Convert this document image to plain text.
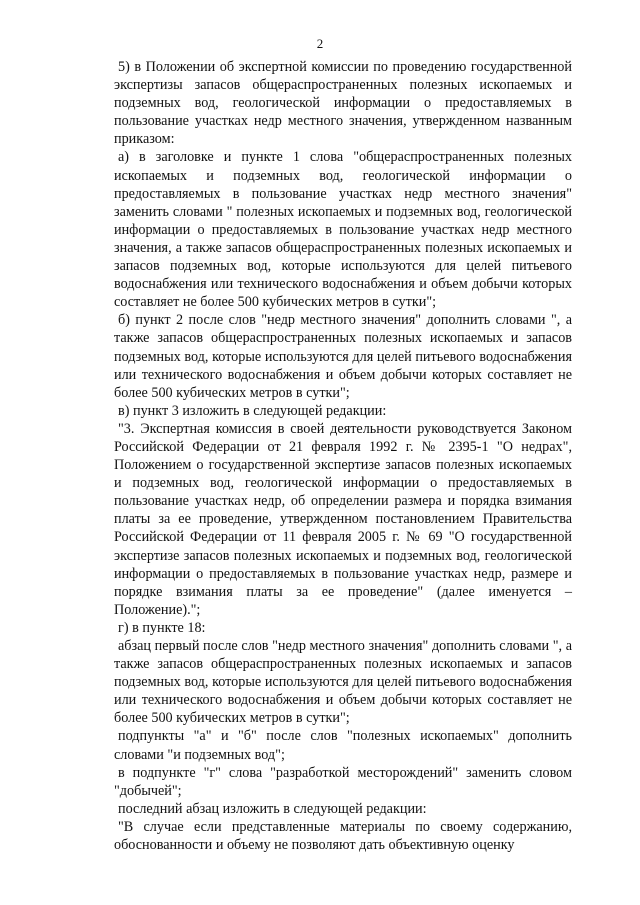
2

5) в Положении об экспертной комиссии по проведению государственной экспертизы запасов общераспространенных полезных ископаемых и подземных вод, геологической информации о предоставляемых в пользование участках недр местного значения, утвержденном названным приказом:

а) в заголовке и пункте 1 слова "общераспространенных полезных ископаемых и подземных вод, геологической информации о предоставляемых в пользование участках недр местного значения" заменить словами " полезных ископаемых и подземных вод, геологической информации о предоставляемых в пользование участках недр местного значения, а также запасов общераспространенных полезных ископаемых и запасов подземных вод, которые используются для целей питьевого водоснабжения или технического водоснабжения и объем добычи которых составляет не более 500 кубических метров в сутки";

б) пункт 2 после слов "недр местного значения" дополнить словами ", а также запасов общераспространенных полезных ископаемых и запасов подземных вод, которые используются для целей питьевого водоснабжения или технического водоснабжения и объем добычи которых составляет не более 500 кубических метров в сутки";

в) пункт 3 изложить в следующей редакции:

"3. Экспертная комиссия в своей деятельности руководствуется Законом Российской Федерации от 21 февраля 1992 г. № 2395-1 "О недрах", Положением о государственной экспертизе запасов полезных ископаемых и подземных вод, геологической информации о предоставляемых в пользование участках недр, об определении размера и порядка взимания платы за ее проведение, утвержденном постановлением Правительства Российской Федерации от 11 февраля 2005 г. № 69 "О государственной экспертизе запасов полезных ископаемых и подземных вод, геологической информации о предоставляемых в пользование участках недр, размере и порядке взимания платы за ее проведение" (далее именуется – Положение).";

г) в пункте 18:

абзац первый после слов "недр местного значения" дополнить словами ", а также запасов общераспространенных полезных ископаемых и запасов подземных вод, которые используются для целей питьевого водоснабжения или технического водоснабжения и объем добычи которых составляет не более 500 кубических метров в сутки";

подпункты "а" и "б" после слов "полезных ископаемых" дополнить словами "и подземных вод";

в подпункте "г" слова "разработкой месторождений" заменить словом "добычей";

последний абзац изложить в следующей редакции:

"В случае если представленные материалы по своему содержанию, обоснованности и объему не позволяют дать объективную оценку
